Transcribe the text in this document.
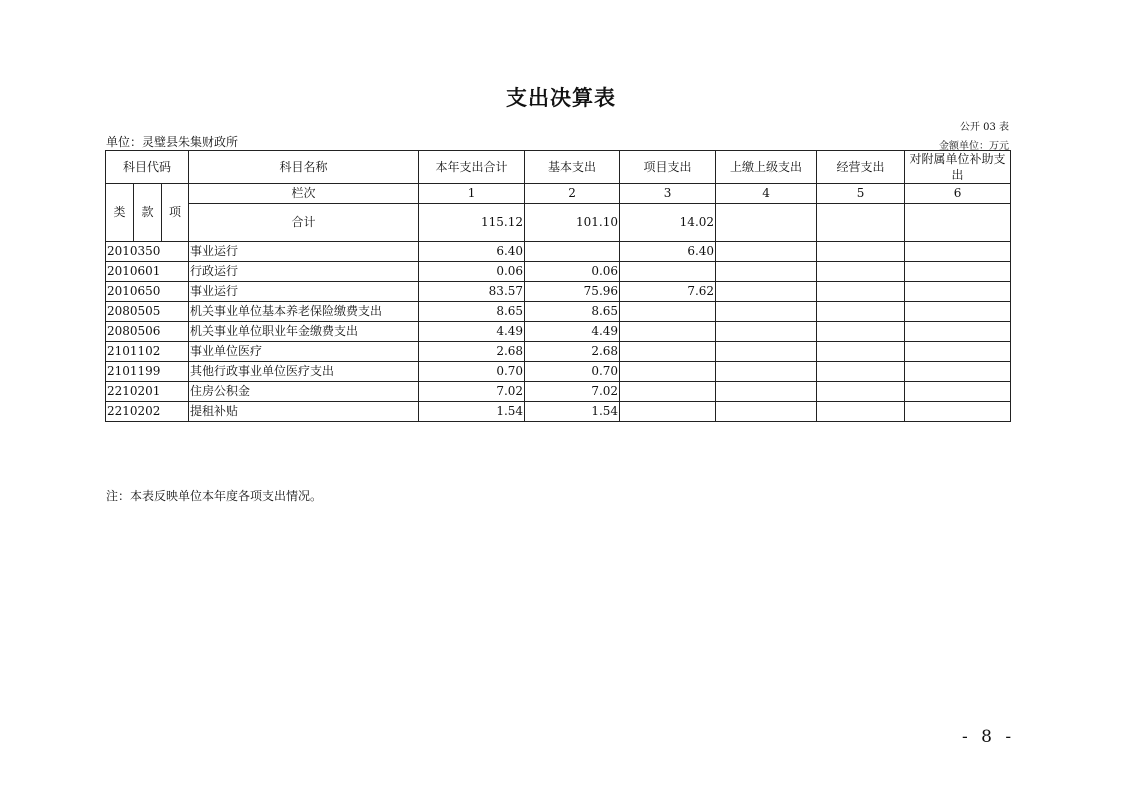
支出决算表
公开 03 表
单位：灵璧县朱集财政所	金额单位：万元
科目代码			科目名称	本年支出合计	基本支出	项目支出	上缴上级支出	经营支出	对附属单位补助支出
类	款	项	栏次	1	2	3	4	5	6
			合计	115.12	101.10	14.02			
2010350			事业运行	6.40		6.40			
2010601			行政运行	0.06	0.06				
2010650			事业运行	83.57	75.96	7.62			
2080505			机关事业单位基本养老保险缴费支出	8.65	8.65				
2080506			机关事业单位职业年金缴费支出	4.49	4.49				
2101102			事业单位医疗	2.68	2.68				
2101199			其他行政事业单位医疗支出	0.70	0.70				
2210201			住房公积金	7.02	7.02				
2210202			提租补贴	1.54	1.54				
注：本表反映单位本年度各项支出情况。
- 8 -
